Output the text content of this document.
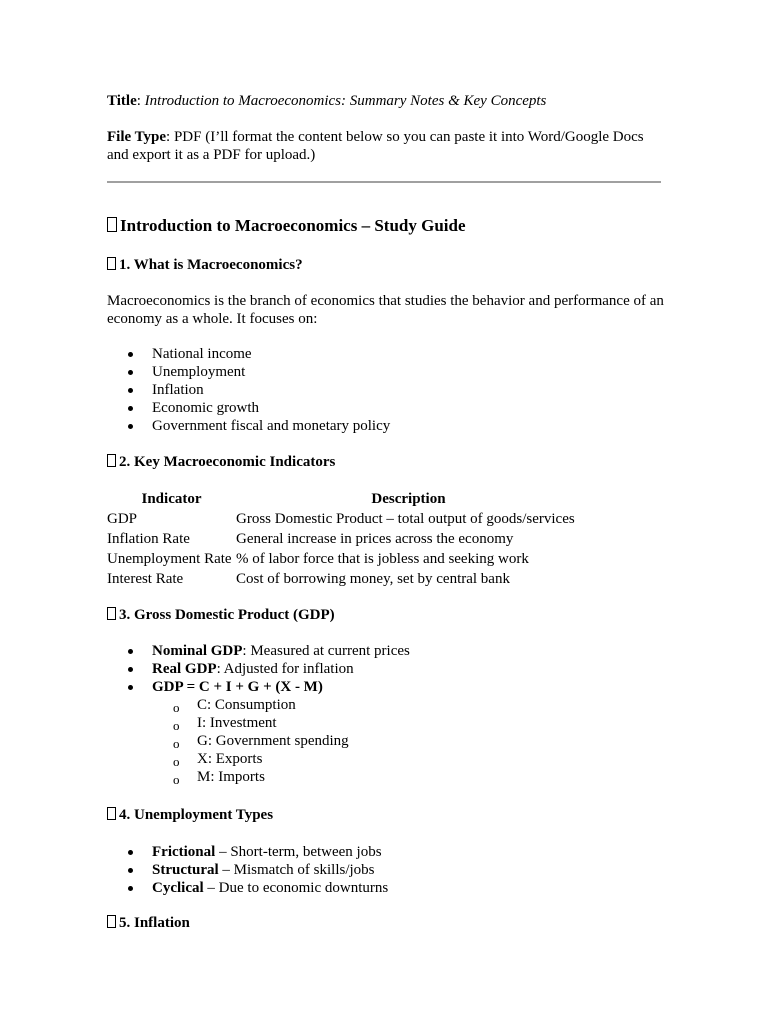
Title: Introduction to Macroeconomics: Summary Notes & Key Concepts
File Type: PDF (I’ll format the content below so you can paste it into Word/Google Docs and export it as a PDF for upload.)
Introduction to Macroeconomics – Study Guide
1. What is Macroeconomics?
Macroeconomics is the branch of economics that studies the behavior and performance of an economy as a whole. It focuses on:
National income
Unemployment
Inflation
Economic growth
Government fiscal and monetary policy
2. Key Macroeconomic Indicators
Indicator	Description
GDP	Gross Domestic Product – total output of goods/services
Inflation Rate	General increase in prices across the economy
Unemployment Rate	% of labor force that is jobless and seeking work
Interest Rate	Cost of borrowing money, set by central bank
3. Gross Domestic Product (GDP)
Nominal GDP: Measured at current prices
Real GDP: Adjusted for inflation
GDP = C + I + G + (X - M)
o C: Consumption
o I: Investment
o G: Government spending
o X: Exports
o M: Imports
4. Unemployment Types
Frictional – Short-term, between jobs
Structural – Mismatch of skills/jobs
Cyclical – Due to economic downturns
5. Inflation
